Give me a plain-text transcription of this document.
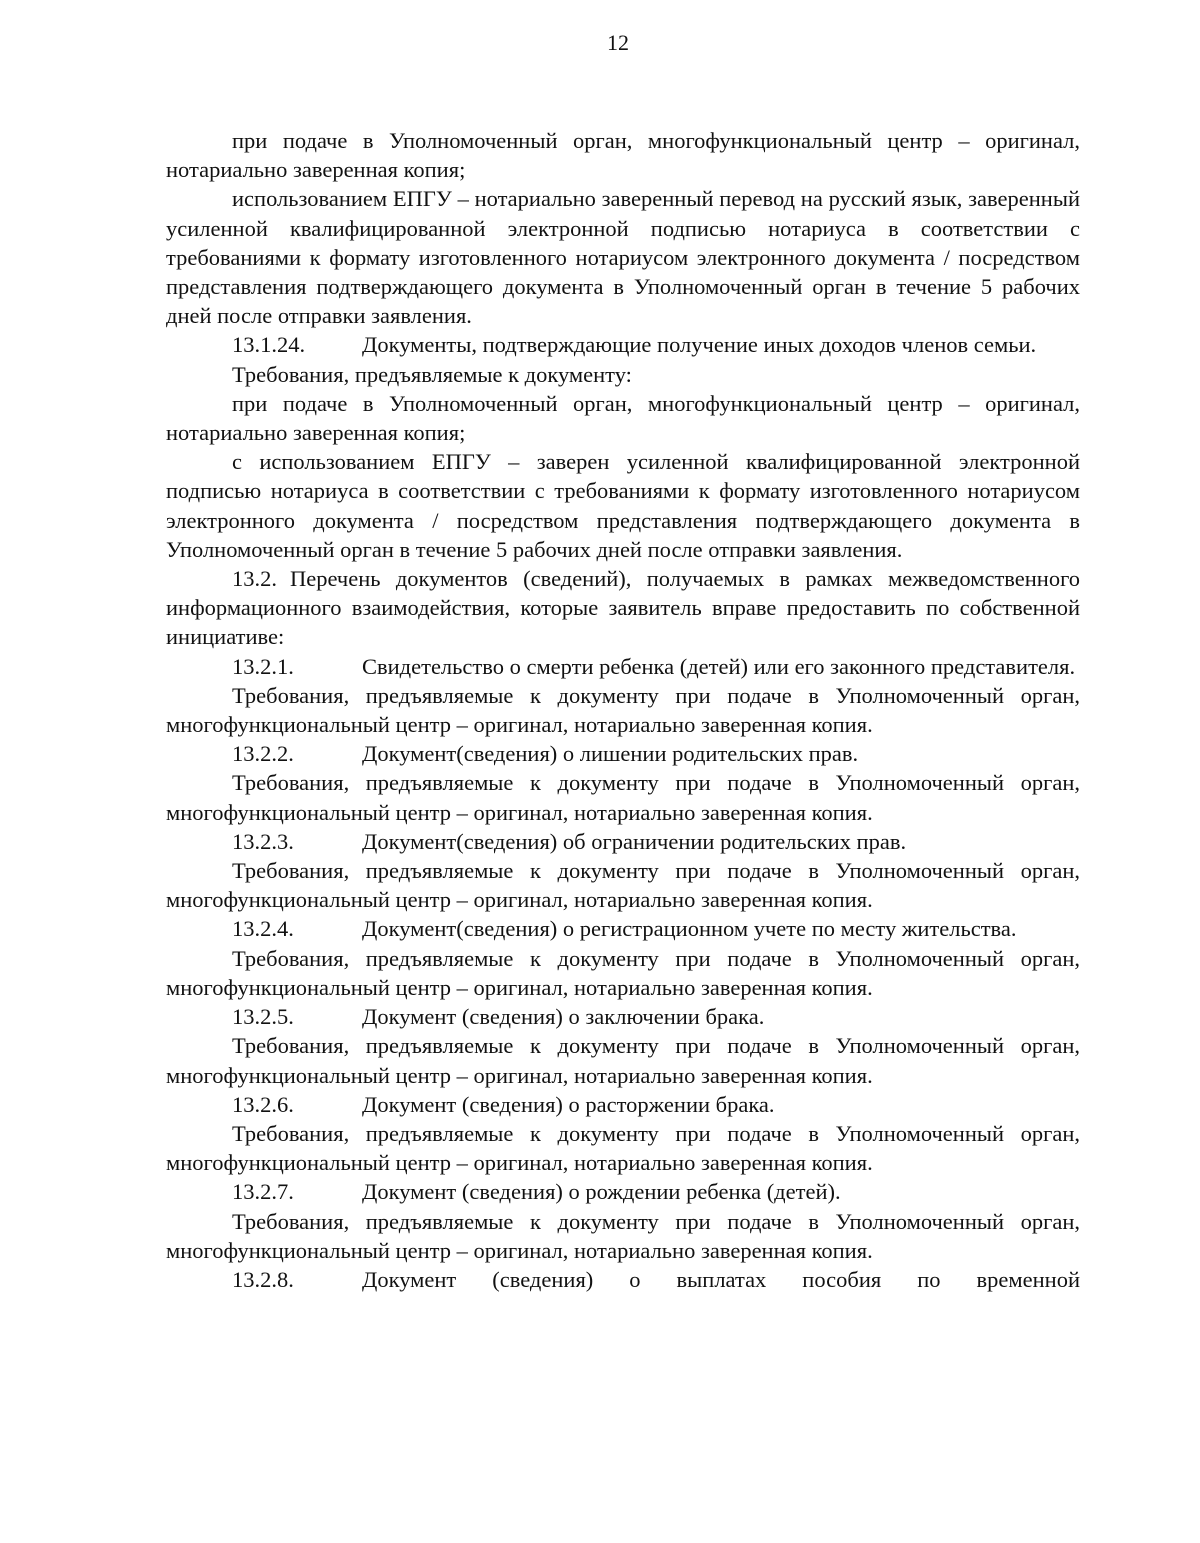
12

при подаче в Уполномоченный орган, многофункциональный центр – оригинал, нотариально заверенная копия;

использованием ЕПГУ – нотариально заверенный перевод на русский язык, заверенный усиленной квалифицированной электронной подписью нотариуса в соответствии с требованиями к формату изготовленного нотариусом электронного документа / посредством представления подтверждающего документа в Уполномоченный орган в течение 5 рабочих дней после отправки заявления.

13.1.24.	Документы, подтверждающие получение иных доходов членов семьи.

Требования, предъявляемые к документу:

при подаче в Уполномоченный орган, многофункциональный центр – оригинал, нотариально заверенная копия;

с использованием ЕПГУ – заверен усиленной квалифицированной электронной подписью нотариуса в соответствии с требованиями к формату изготовленного нотариусом электронного документа / посредством представления подтверждающего документа в Уполномоченный орган в течение 5 рабочих дней после отправки заявления.

13.2. Перечень документов (сведений), получаемых в рамках межведомственного информационного взаимодействия, которые заявитель вправе предоставить по собственной инициативе:

13.2.1.	Свидетельство о смерти ребенка (детей) или его законного представителя.

Требования, предъявляемые к документу при подаче в Уполномоченный орган, многофункциональный центр – оригинал, нотариально заверенная копия.

13.2.2.	Документ(сведения) о лишении родительских прав.

Требования, предъявляемые к документу при подаче в Уполномоченный орган, многофункциональный центр – оригинал, нотариально заверенная копия.

13.2.3.	Документ(сведения) об ограничении родительских прав.

Требования, предъявляемые к документу при подаче в Уполномоченный орган, многофункциональный центр – оригинал, нотариально заверенная копия.

13.2.4.	Документ(сведения) о регистрационном учете по месту жительства.

Требования, предъявляемые к документу при подаче в Уполномоченный орган, многофункциональный центр – оригинал, нотариально заверенная копия.

13.2.5.	Документ (сведения) о заключении брака.

Требования, предъявляемые к документу при подаче в Уполномоченный орган, многофункциональный центр – оригинал, нотариально заверенная копия.

13.2.6.	Документ (сведения) о расторжении брака.

Требования, предъявляемые к документу при подаче в Уполномоченный орган, многофункциональный центр – оригинал, нотариально заверенная копия.

13.2.7.	Документ (сведения) о рождении ребенка (детей).

Требования, предъявляемые к документу при подаче в Уполномоченный орган, многофункциональный центр – оригинал, нотариально заверенная копия.

13.2.8.	Документ (сведения) о выплатах пособия по временной
